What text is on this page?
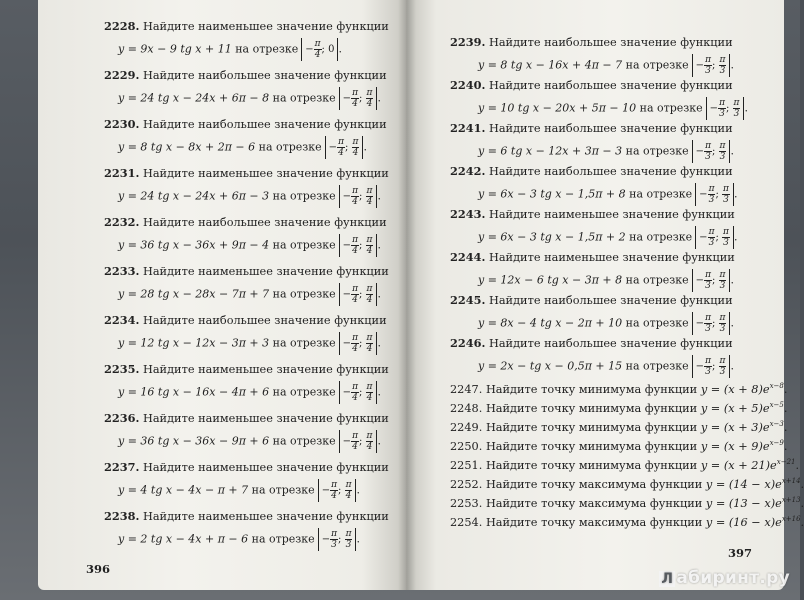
2228. Найдите наименьшее значение функции
y = 9x − 9 tg x + 11 на отрезке − $\frac{\pi}{4}$ ; 0 .
2229. Найдите наибольшее значение функции
y = 24 tg x − 24x + 6π − 8 на отрезке − $\frac{\pi}{4}$ ; $\frac{\pi}{4}$ .
2230. Найдите наибольшее значение функции
y = 8 tg x − 8x + 2π − 6 на отрезке − $\frac{\pi}{4}$ ; $\frac{\pi}{4}$ .
2231. Найдите наименьшее значение функции
y = 24 tg x − 24x + 6π − 3 на отрезке − $\frac{\pi}{4}$ ; $\frac{\pi}{4}$ .
2232. Найдите наибольшее значение функции
y = 36 tg x − 36x + 9π − 4 на отрезке − $\frac{\pi}{4}$ ; $\frac{\pi}{4}$ .
2233. Найдите наименьшее значение функции
y = 28 tg x − 28x − 7π + 7 на отрезке − $\frac{\pi}{4}$ ; $\frac{\pi}{4}$ .
2234. Найдите наибольшее значение функции
y = 12 tg x − 12x − 3π + 3 на отрезке − $\frac{\pi}{4}$ ; $\frac{\pi}{4}$ .
2235. Найдите наименьшее значение функции
y = 16 tg x − 16x − 4π + 6 на отрезке − $\frac{\pi}{4}$ ; $\frac{\pi}{4}$ .
2236. Найдите наименьшее значение функции
y = 36 tg x − 36x − 9π + 6 на отрезке − $\frac{\pi}{4}$ ; $\frac{\pi}{4}$ .
2237. Найдите наименьшее значение функции
y = 4 tg x − 4x − π + 7 на отрезке − $\frac{\pi}{4}$ ; $\frac{\pi}{4}$ .
2238. Найдите наименьшее значение функции
y = 2 tg x − 4x + π − 6 на отрезке − $\frac{\pi}{3}$ ; $\frac{\pi}{3}$ .
396
2239. Найдите наибольшее значение функции
y = 8 tg x − 16x + 4π − 7 на отрезке − $\frac{\pi}{3}$ ; $\frac{\pi}{3}$ .
2240. Найдите наибольшее значение функции
y = 10 tg x − 20x + 5π − 10 на отрезке − $\frac{\pi}{3}$ ; $\frac{\pi}{3}$ .
2241. Найдите наибольшее значение функции
y = 6 tg x − 12x + 3π − 3 на отрезке − $\frac{\pi}{3}$ ; $\frac{\pi}{3}$ .
2242. Найдите наибольшее значение функции
y = 6x − 3 tg x − 1,5π + 8 на отрезке − $\frac{\pi}{3}$ ; $\frac{\pi}{3}$ .
2243. Найдите наименьшее значение функции
y = 6x − 3 tg x − 1,5π + 2 на отрезке − $\frac{\pi}{3}$ ; $\frac{\pi}{3}$ .
2244. Найдите наименьшее значение функции
y = 12x − 6 tg x − 3π + 8 на отрезке − $\frac{\pi}{3}$ ; $\frac{\pi}{3}$ .
2245. Найдите наибольшее значение функции
y = 8x − 4 tg x − 2π + 10 на отрезке − $\frac{\pi}{3}$ ; $\frac{\pi}{3}$ .
2246. Найдите наибольшее значение функции
y = 2x − tg x − 0,5π + 15 на отрезке − $\frac{\pi}{3}$ ; $\frac{\pi}{3}$ .
2247. Найдите точку минимума функции $y = (x + 8)e^{x-8}$.
2248. Найдите точку минимума функции $y = (x + 5)e^{x-5}$.
2249. Найдите точку минимума функции $y = (x + 3)e^{x-3}$.
2250. Найдите точку минимума функции $y = (x + 9)e^{x-9}$.
2251. Найдите точку минимума функции $y = (x + 21)e^{x-21}$.
2252. Найдите точку максимума функции $y = (14 - x)e^{x+14}$.
2253. Найдите точку максимума функции $y = (13 - x)e^{x+13}$.
2254. Найдите точку максимума функции $y = (16 - x)e^{x+16}$.
397
Л абиринт.ру
